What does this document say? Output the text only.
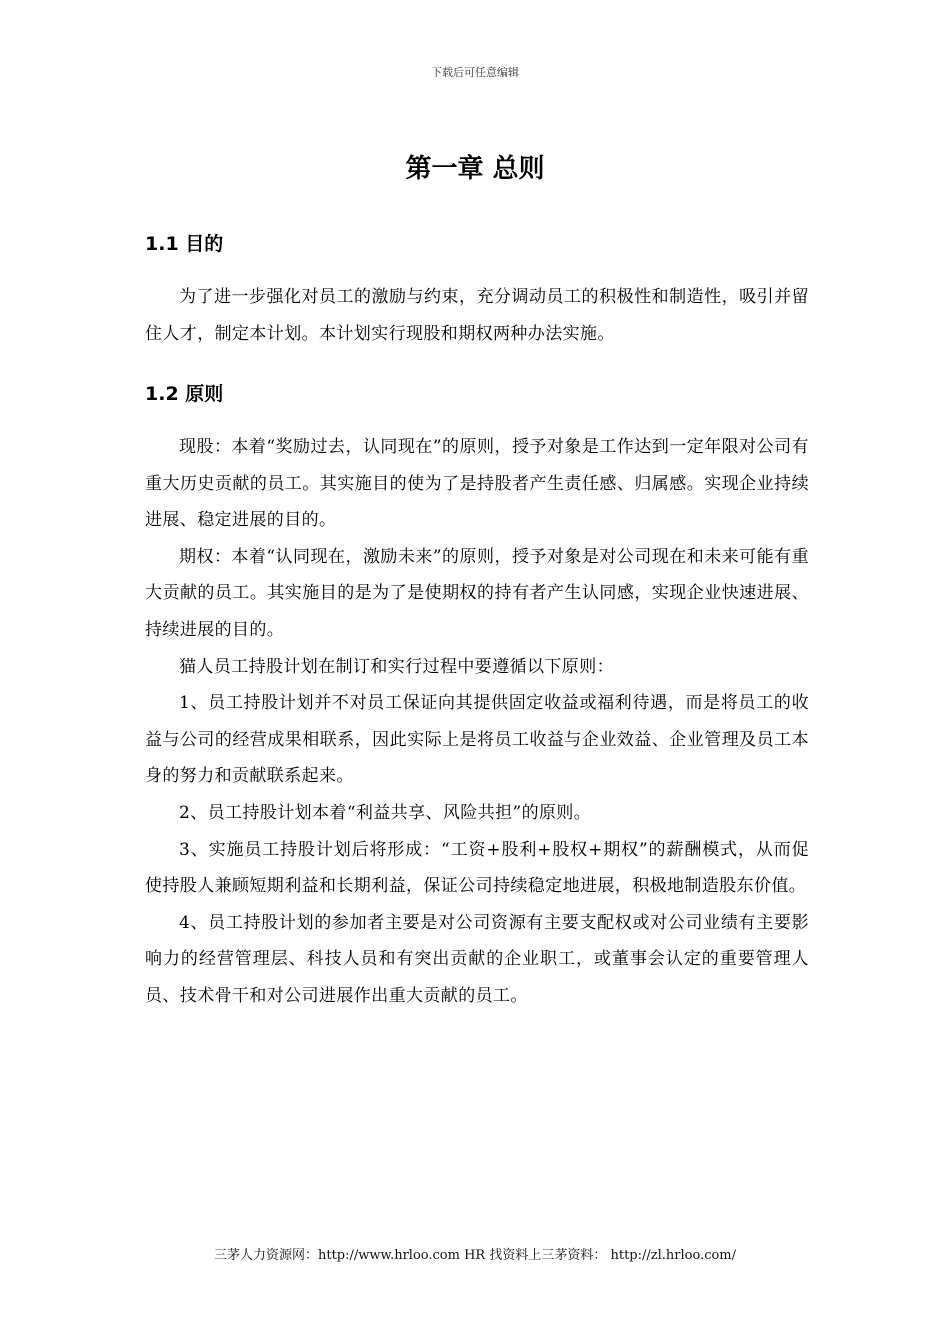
下载后可任意编辑
第一章 总则
1.1 目的

为了进一步强化对员工的激励与约束，充分调动员工的积极性和制造性，吸引并留住人才，制定本计划。本计划实行现股和期权两种办法实施。

1.2 原则

现股：本着“奖励过去，认同现在”的原则，授予对象是工作达到一定年限对公司有重大历史贡献的员工。其实施目的使为了是持股者产生责任感、归属感。实现企业持续进展、稳定进展的目的。

期权：本着“认同现在，激励未来”的原则，授予对象是对公司现在和未来可能有重大贡献的员工。其实施目的是为了是使期权的持有者产生认同感，实现企业快速进展、持续进展的目的。

猫人员工持股计划在制订和实行过程中要遵循以下原则：

1、员工持股计划并不对员工保证向其提供固定收益或福利待遇，而是将员工的收益与公司的经营成果相联系，因此实际上是将员工收益与企业效益、企业管理及员工本身的努力和贡献联系起来。

2、员工持股计划本着“利益共享、风险共担”的原则。

3、实施员工持股计划后将形成：“工资+股利+股权+期权”的薪酬模式，从而促使持股人兼顾短期利益和长期利益，保证公司持续稳定地进展，积极地制造股东价值。

4、员工持股计划的参加者主要是对公司资源有主要支配权或对公司业绩有主要影响力的经营管理层、科技人员和有突出贡献的企业职工，或董事会认定的重要管理人员、技术骨干和对公司进展作出重大贡献的员工。

三茅人力资源网：http://www.hrloo.com HR 找资料上三茅资料： http://zl.hrloo.com/
